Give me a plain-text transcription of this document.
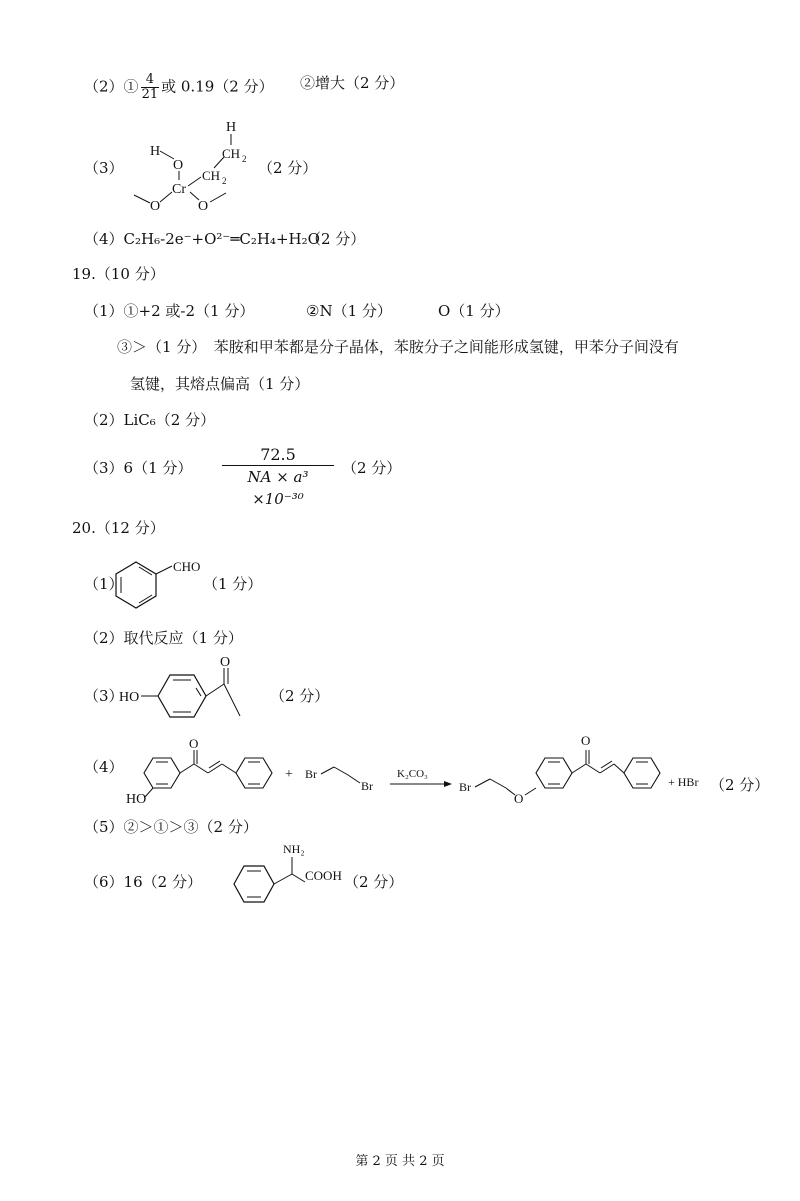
（2）① $\frac{4}{21}$ 或 0.19（2 分） ②增大（2 分）
（3）
H
O
Cr
CH 2
CH 2
H
O	O
（2 分）
（4）C₂H₆-2e⁻+O²⁻═C₂H₄+H₂O
（2 分）
19.（10 分）
（1）①+2 或-2（1 分）	②N（1 分）	O（1 分）
③＞（1 分）　苯胺和甲苯都是分子晶体，苯胺分子之间能形成氢键，甲苯分子间没有
氢键，其熔点偏高（1 分）
（2）LiC₆（2 分）
（3）6（1 分） $\frac{72.5}{\text{NA × a³ ×10⁻³⁰}} (2$ 分）
20.（12 分）
（1）
CHO
（1 分）
（2）取代反应（1 分）
（3）
HO
O
（2 分）
（4）
HO
O
+ Br
Br
K₂CO₃
Br
O
O
+ HBr （2 分）
（5）②＞①＞③（2 分）
（6）16（2 分）
NH₂
COOH （2 分）
第 2 页 共 2 页
